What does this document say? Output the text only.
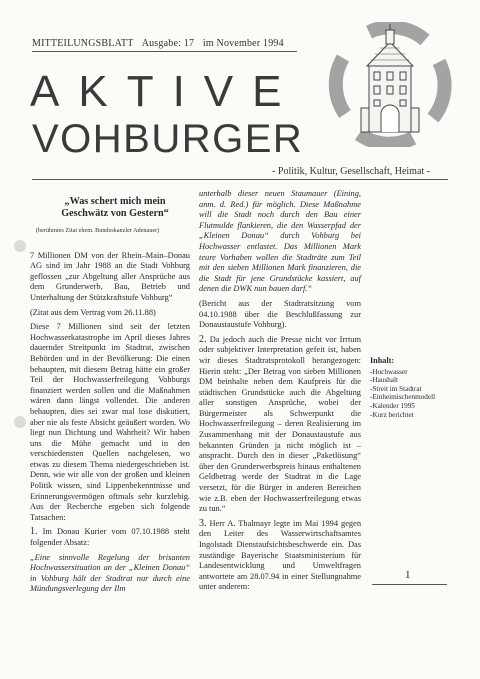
MITTEILUNGSBLATT Ausgabe: 17 im November 1994
AKTIVE
VOHBURGER
- Politik, Kultur, Gesellschaft, Heimat -
„Was schert mich mein Geschwätz von Gestern“
(berühmtes Zitat ehem. Bundeskanzler Adenauer)

7 Millionen DM von der Rhein–Main–Donau AG sind im Jahr 1988 an die Stadt Vohburg geflossen „zur Abgeltung aller Ansprüche aus dem Grunderwerb, Bau, Betrieb und Unterhaltung der Stützkraftstufe Vohburg“

(Zitat aus dem Vertrag vom 26.11.88)

Diese 7 Millionen sind seit der letzten Hochwasserkatastrophe im April dieses Jahres dauernder Streitpunkt im Stadtrat, zwischen Behörden und in der Bevölkerung: Die einen behaupten, mit diesem Betrag hätte ein großer Teil der Hochwasserfreilegung Vohburgs finanziert werden sollen und die Maßnahmen wären dann längst vollendet. Die anderen behaupten, dies sei zwar mal lose diskutiert, aber nie als feste Absicht geäußert worden. Wo liegt nun Dichtung und Wahrheit? Wir haben uns die Mühe gemacht und in den verschiedensten Quellen nachgelesen, wo etwas zu diesem Thema niedergeschrieben ist. Denn, wie wir alle von der großen und kleinen Politik wissen, sind Lippenbekenntnisse und Erinnerungsvermögen oftmals sehr kurzlebig. Aus der Recherche ergeben sich folgende Tatsachen:

1. Im Donau Kurier vom 07.10.1988 steht folgender Absatz:

„Eine sinnvolle Regelung der brisanten Hochwassersituation an der „Kleinen Donau“ in Vohburg hält der Stadtrat nur durch eine Mündungsverlegung der Ilm

unterhalb dieser neuen Staumauer (Eining, anm. d. Red.) für möglich. Diese Maßnahme will die Stadt noch durch den Bau einer Flutmulde flankieren, die den Wasserpfad der „Kleinen Donau“ durch Vohburg bei Hochwasser entlastet. Das Millionen Mark teure Vorhaben wollen die Stadträte zum Teil mit den sieben Millionen Mark finanzieren, die die Stadt für jene Grundstücke kassiert, auf denen die DWK nun bauen darf.“

(Bericht aus der Stadtratsitzung vom 04.10.1988 über die Beschlußfassung zur Donaustaustufe Vohburg).

2. Da jedoch auch die Presse nicht vor Irrtum oder subjektiver Interpretation gefeit ist, haben wir dieses Stadtratsprotokoll herangezogen: Hierin steht: „Der Betrag von sieben Millionen DM beinhalte neben dem Kaufpreis für die städtischen Grundstücke auch die Abgeltung aller sonstigen Ansprüche, wobei der Bürgermeister als Schwerpunkt die Hochwasserfreilegung – deren Realisierung im Zusammenhang mit der Donaustaustufe aus bekannten Gründen ja nicht möglich ist – anspracht. Durch den in dieser „Paketlösung“ über den Grunderwerbspreis hinaus enthaltenen Geldbetrag werde der Stadtrat in die Lage versetzt, für die Bürger in anderen Bereichen wie z.B. eben der Hochwasserfreilegung etwas zu tun.“

3. Herr A. Thalmayr legte im Mai 1994 gegen den Leiter des Wasserwirtschaftsamtes Ingolstadt Dienstaufsichtsbeschwerde ein. Das zuständige Bayerische Staatsministerium für Landesentwicklung und Umweltfragen antwortete am 28.07.94 in einer Stellungnahme unter anderem:

Inhalt:
-Hochwasser
-Haushalt
-Streit im Stadtrat
-Einheimischenmodell
-Kalender 1995
-Kurz berichtet
1
